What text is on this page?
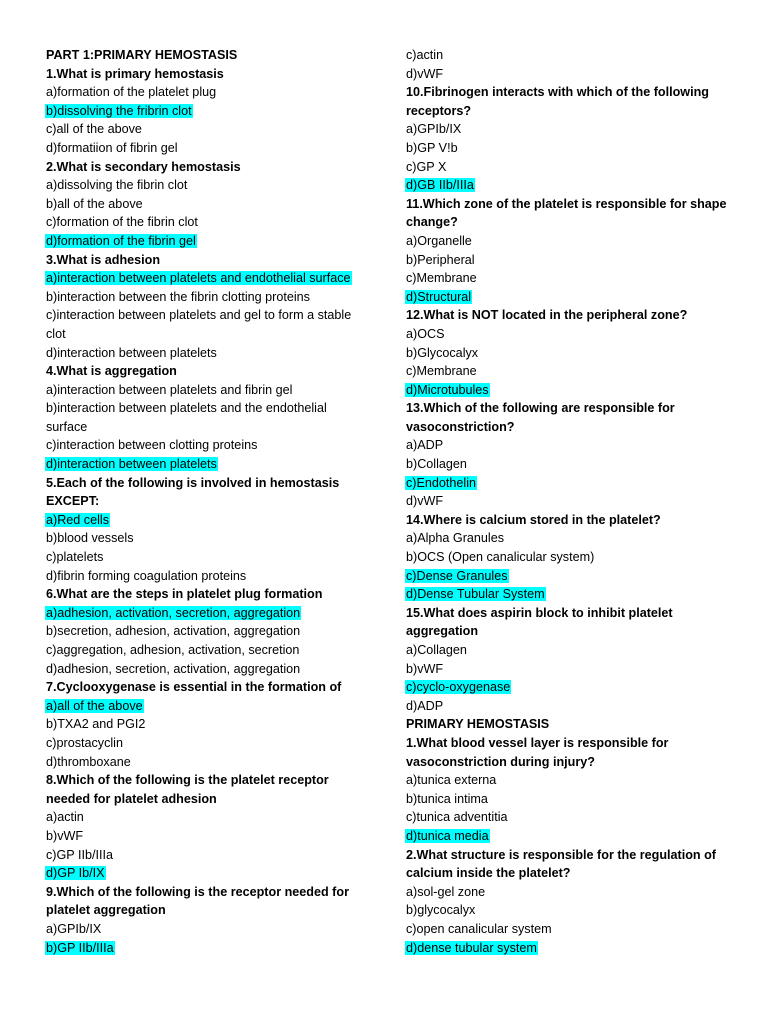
PART 1:PRIMARY HEMOSTASIS
1.What is primary hemostasis
a)formation of the platelet plug
b)dissolving the fribrin clot
c)all of the above
d)formatiion of fibrin gel
2.What is secondary hemostasis
a)dissolving the fibrin clot
b)all of the above
c)formation of the fibrin clot
d)formation of the fibrin gel
3.What is adhesion
a)interaction between platelets and endothelial surface
b)interaction between the fibrin clotting proteins
c)interaction between platelets and gel to form a stable
clot
d)interaction between platelets
4.What is aggregation
a)interaction between platelets and fibrin gel
b)interaction between platelets and the endothelial
surface
c)interaction between clotting proteins
d)interaction between platelets
5.Each of the following is involved in hemostasis
EXCEPT:
a)Red cells
b)blood vessels
c)platelets
d)fibrin forming coagulation proteins
6.What are the steps in platelet plug formation
a)adhesion, activation, secretion, aggregation
b)secretion, adhesion, activation, aggregation
c)aggregation, adhesion, activation, secretion
d)adhesion, secretion, activation, aggregation
7.Cyclooxygenase is essential in the formation of
a)all of the above
b)TXA2 and PGI2
c)prostacyclin
d)thromboxane
8.Which of the following is the platelet receptor
needed for platelet adhesion
a)actin
b)vWF
c)GP IIb/IIIa
d)GP Ib/IX
9.Which of the following is the receptor needed for
platelet aggregation
a)GPIb/IX
b)GP IIb/IIIa
c)actin
d)vWF
10.Fibrinogen interacts with which of the following
receptors?
a)GPIb/IX
b)GP V!b
c)GP X
d)GB IIb/IIIa
11.Which zone of the platelet is responsible for shape
change?
a)Organelle
b)Peripheral
c)Membrane
d)Structural
12.What is NOT located in the peripheral zone?
a)OCS
b)Glycocalyx
c)Membrane
d)Microtubules
13.Which of the following are responsible for
vasoconstriction?
a)ADP
b)Collagen
c)Endothelin
d)vWF
14.Where is calcium stored in the platelet?
a)Alpha Granules
b)OCS (Open canalicular system)
c)Dense Granules
d)Dense Tubular System
15.What does aspirin block to inhibit platelet
aggregation
a)Collagen
b)vWF
c)cyclo-oxygenase
d)ADP
PRIMARY HEMOSTASIS
1.What blood vessel layer is responsible for
vasoconstriction during injury?
a)tunica externa
b)tunica intima
c)tunica adventitia
d)tunica media
2.What structure is responsible for the regulation of
calcium inside the platelet?
a)sol-gel zone
b)glycocalyx
c)open canalicular system
d)dense tubular system
